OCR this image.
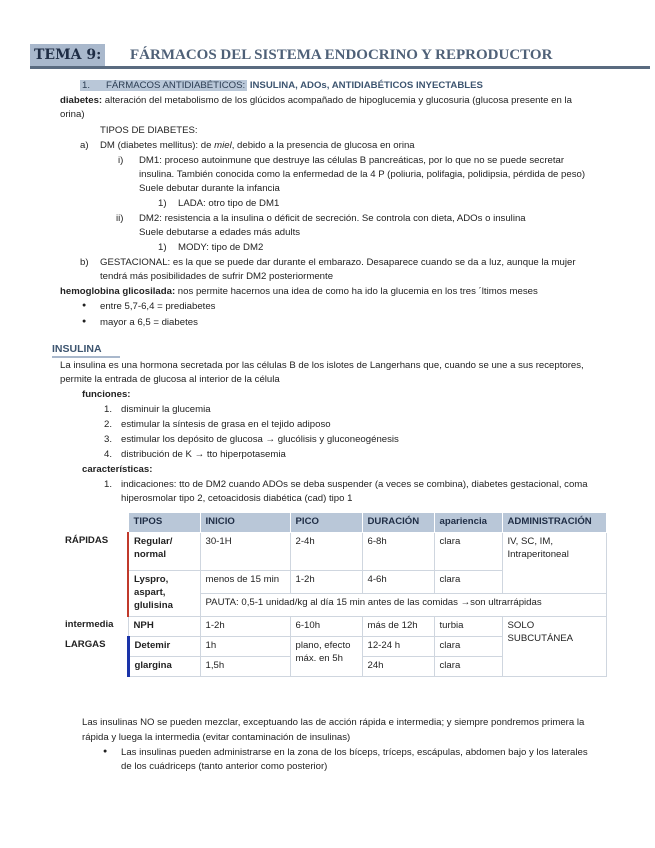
TEMA 9: FÁRMACOS DEL SISTEMA ENDOCRINO Y REPRODUCTOR
1. FÁRMACOS ANTIDIABÉTICOS: INSULINA, ADOs, ANTIDIABÉTICOS INYECTABLES
diabetes: alteración del metabolismo de los glúcidos acompañado de hipoglucemia y glucosuria (glucosa presente en la
orina)
TIPOS DE DIABETES:
a) DM (diabetes mellitus): de miel, debido a la presencia de glucosa en orina
i) DM1: proceso autoinmune que destruye las células B pancreáticas, por lo que no se puede secretar
insulina. También conocida como la enfermedad de la 4 P (poliuria, polifagia, polidipsia, pérdida de peso)
Suele debutar durante la infancia
1) LADA: otro tipo de DM1
ii) DM2: resistencia a la insulina o déficit de secreción. Se controla con dieta, ADOs o insulina
Suele debutarse a edades más adults
1) MODY: tipo de DM2
b) GESTACIONAL: es la que se puede dar durante el embarazo. Desaparece cuando se da a luz, aunque la mujer
tendrá más posibilidades de sufrir DM2 posteriormente
hemoglobina glicosilada: nos permite hacernos una idea de como ha ido la glucemia en los tres ´ltimos meses
● entre 5,7-6,4 = prediabetes
● mayor a 6,5 = diabetes
INSULINA
La insulina es una hormona secretada por las células B de los islotes de Langerhans que, cuando se une a sus receptores,
permite la entrada de glucosa al interior de la célula
funciones:
1. disminuir la glucemia
2. estimular la síntesis de grasa en el tejido adiposo
3. estimular los depósito de glucosa → glucólisis y gluconeogénesis
4. distribución de K → tto hiperpotasemia
características:
1. indicaciones: tto de DM2 cuando ADOs se deba suspender (a veces se combina), diabetes gestacional, coma
hiperosmolar tipo 2, cetoacidosis diabética (cad) tipo 1
	TIPOS	INICIO	PICO	DURACIÓN	apariencia	ADMINISTRACIÓN
RÁPIDAS	Regular/ normal	30-1H	2-4h	6-8h	clara	IV, SC, IM, Intraperitoneal
	Lyspro, aspart, glulisina	menos de 15 min	1-2h	4-6h	clara	
		PAUTA: 0,5-1 unidad/kg al día 15 min antes de las comidas →son ultrarrápidas				
intermedia	NPH	1-2h	6-10h	más de 12h	turbia	SOLO SUBCUTÁNEA
LARGAS	Detemir	1h	plano, efecto máx. en 5h	12-24 h	clara	
	glargina	1,5h		24h	clara	
Las insulinas NO se pueden mezclar, exceptuando las de acción rápida e intermedia; y siempre pondremos primera la
rápida y luega la intermedia (evitar contaminación de insulinas)
● Las insulinas pueden administrarse en la zona de los bíceps, tríceps, escápulas, abdomen bajo y los laterales
de los cuádriceps (tanto anterior como posterior)
